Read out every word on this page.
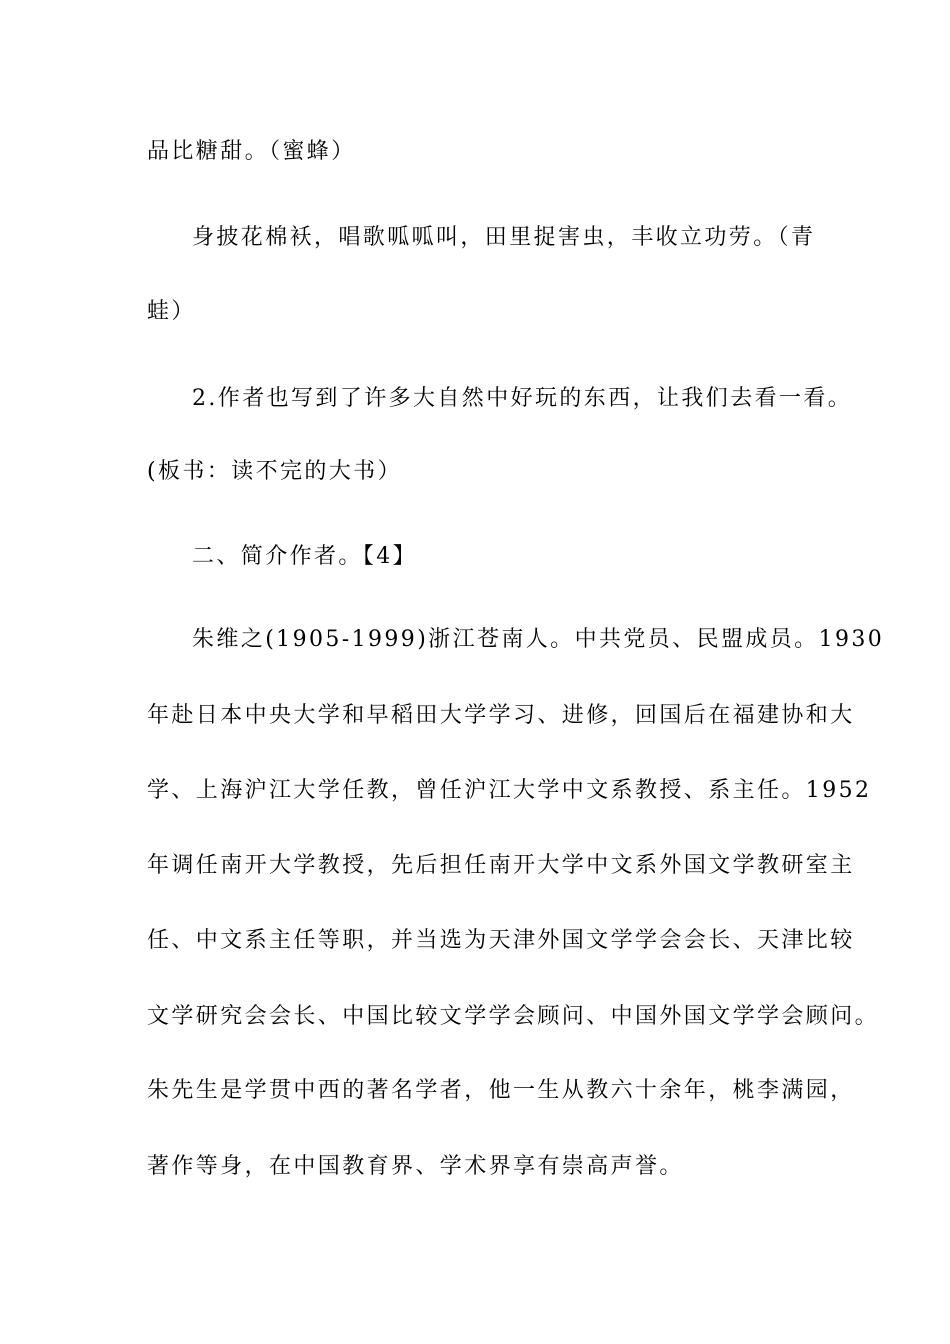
品比糖甜。（蜜蜂）
身披花棉袄，唱歌呱呱叫，田里捉害虫，丰收立功劳。（青
蛙）
2.作者也写到了许多大自然中好玩的东西，让我们去看一看。
(板书：读不完的大书）
二、简介作者。【4】
朱维之(1905-1999)浙江苍南人。中共党员、民盟成员。1930
年赴日本中央大学和早稻田大学学习、进修，回国后在福建协和大
学、上海沪江大学任教，曾任沪江大学中文系教授、系主任。1952
年调任南开大学教授，先后担任南开大学中文系外国文学教研室主
任、中文系主任等职，并当选为天津外国文学学会会长、天津比较
文学研究会会长、中国比较文学学会顾问、中国外国文学学会顾问。
朱先生是学贯中西的著名学者，他一生从教六十余年，桃李满园，
著作等身，在中国教育界、学术界享有崇高声誉。
